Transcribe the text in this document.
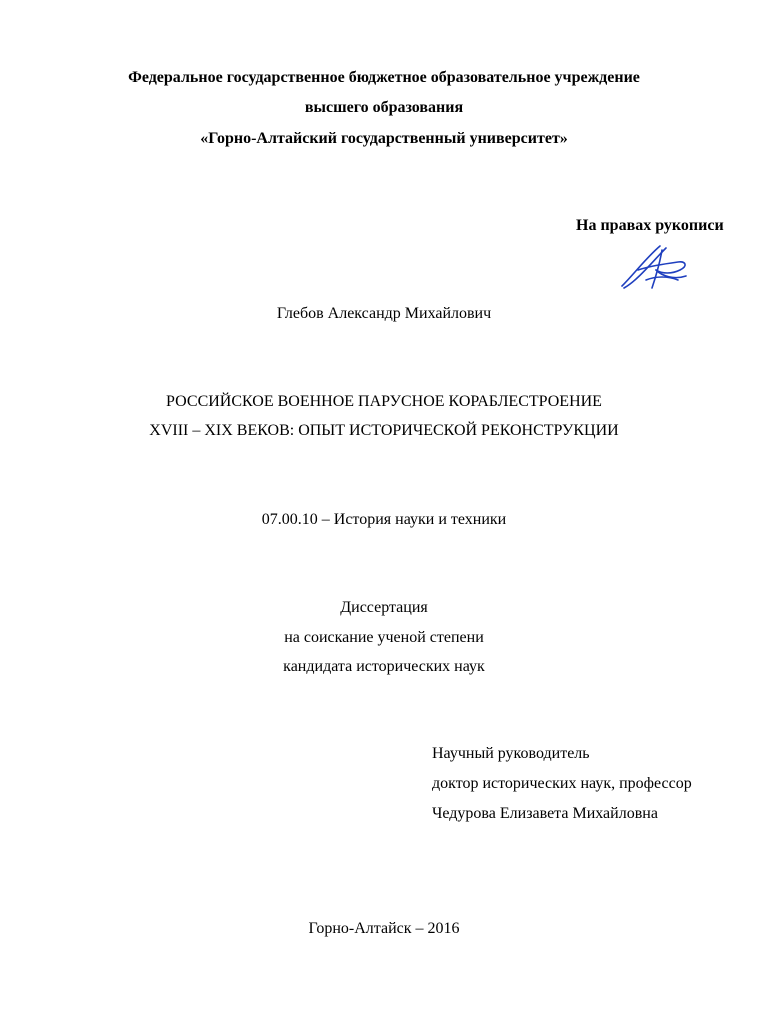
Федеральное государственное бюджетное образовательное учреждение
высшего образования
«Горно-Алтайский государственный университет»
На правах рукописи
Глебов Александр Михайлович
РОССИЙСКОЕ ВОЕННОЕ ПАРУСНОЕ КОРАБЛЕСТРОЕНИЕ
XVIII – XIX ВЕКОВ: ОПЫТ ИСТОРИЧЕСКОЙ РЕКОНСТРУКЦИИ
07.00.10 – История науки и техники
Диссертация
на соискание ученой степени
кандидата исторических наук
Научный руководитель
доктор исторических наук, профессор
Чедурова Елизавета Михайловна
Горно-Алтайск – 2016
